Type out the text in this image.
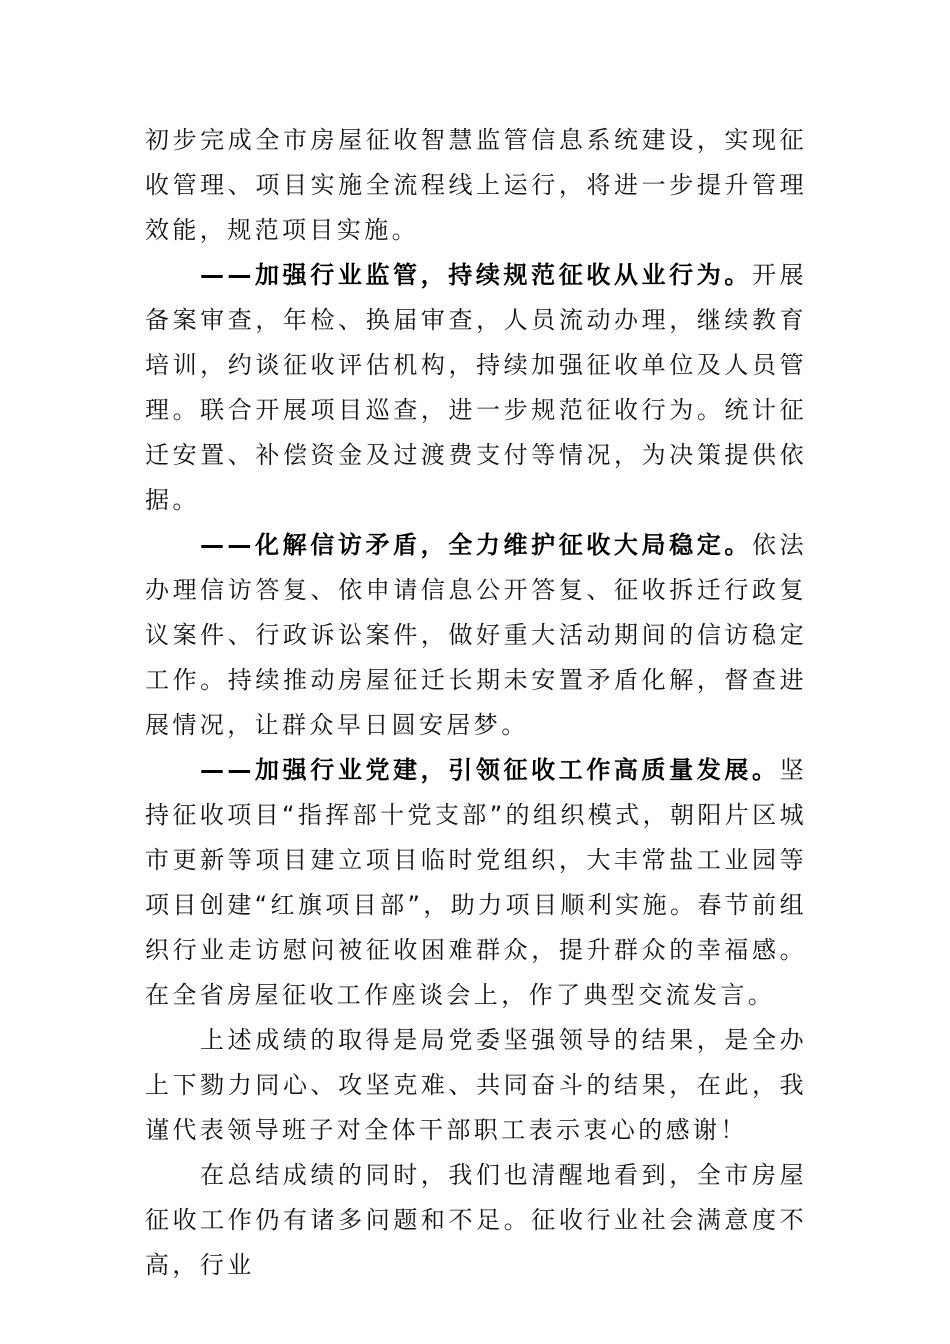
初步完成全市房屋征收智慧监管信息系统建设，实现征收管理、项目实施全流程线上运行，将进一步提升管理效能，规范项目实施。

——加强行业监管，持续规范征收从业行为。开展备案审查，年检、换届审查，人员流动办理，继续教育培训，约谈征收评估机构，持续加强征收单位及人员管理。联合开展项目巡查，进一步规范征收行为。统计征迁安置、补偿资金及过渡费支付等情况，为决策提供依据。

——化解信访矛盾，全力维护征收大局稳定。依法办理信访答复、依申请信息公开答复、征收拆迁行政复议案件、行政诉讼案件，做好重大活动期间的信访稳定工作。持续推动房屋征迁长期未安置矛盾化解，督查进展情况，让群众早日圆安居梦。

——加强行业党建，引领征收工作高质量发展。坚持征收项目“指挥部十党支部”的组织模式，朝阳片区城市更新等项目建立项目临时党组织，大丰常盐工业园等项目创建“红旗项目部”，助力项目顺利实施。春节前组织行业走访慰问被征收困难群众，提升群众的幸福感。在全省房屋征收工作座谈会上，作了典型交流发言。

上述成绩的取得是局党委坚强领导的结果，是全办上下勠力同心、攻坚克难、共同奋斗的结果，在此，我谨代表领导班子对全体干部职工表示衷心的感谢！

在总结成绩的同时，我们也清醒地看到，全市房屋征收工作仍有诸多问题和不足。征收行业社会满意度不高，行业
